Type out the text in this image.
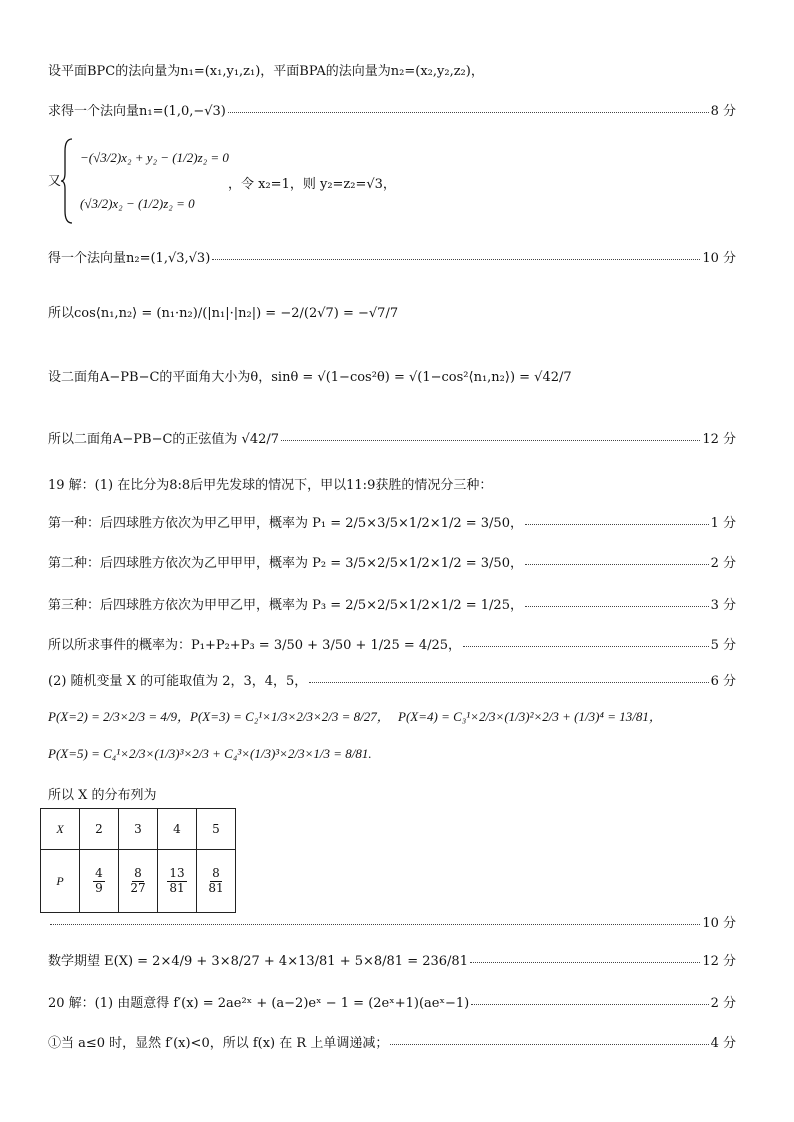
设平面BPC的法向量为n₁=(x₁,y₁,z₁)，平面BPA的法向量为n₂=(x₂,y₂,z₂)，
求得一个法向量n₁=(1,0,−√3)	8 分
又
−(√3/2)x₂ + y₂ − (1/2)z₂ = 0
(√3/2)x₂ − (1/2)z₂ = 0
，令 x₂=1，则 y₂=z₂=√3，
得一个法向量n₂=(1,√3,√3)	10 分
所以cos⟨n₁,n₂⟩ = (n₁·n₂)/(|n₁|·|n₂|) = −2/(2√7) = −√7/7
设二面角A−PB−C的平面角大小为θ，sinθ = √(1−cos²θ) = √(1−cos²⟨n₁,n₂⟩) = √42/7
所以二面角A−PB−C的正弦值为 √42/7	12 分
19 解：(1) 在比分为8:8后甲先发球的情况下，甲以11:9获胜的情况分三种：
第一种：后四球胜方依次为甲乙甲甲，概率为 P₁ = 2/5×3/5×1/2×1/2 = 3/50，	1 分
第二种：后四球胜方依次为乙甲甲甲，概率为 P₂ = 3/5×2/5×1/2×1/2 = 3/50，	2 分
第三种：后四球胜方依次为甲甲乙甲，概率为 P₃ = 2/5×2/5×1/2×1/2 = 1/25，	3 分
所以所求事件的概率为：P₁+P₂+P₃ = 3/50 + 3/50 + 1/25 = 4/25，	5 分
(2) 随机变量 X 的可能取值为 2，3，4，5，	6 分
P(X=2) = 2/3×2/3 = 4/9， P(X=3) = C₂¹×1/3×2/3×2/3 = 8/27， P(X=4) = C₃¹×2/3×(1/3)²×2/3 + (1/3)⁴ = 13/81，
P(X=5) = C₄¹×2/3×(1/3)³×2/3 + C₄³×(1/3)³×2/3×1/3 = 8/81.
所以 X 的分布列为
X	2	3	4	5
P	$\frac{4}{9}$	$\frac{8}{27}$	$\frac{13}{81}$	$\frac{8}{81}$
10 分
数学期望 E(X) = 2×4/9 + 3×8/27 + 4×13/81 + 5×8/81 = 236/81	12 分
20 解：(1) 由题意得 f′(x) = 2ae²ˣ + (a−2)eˣ − 1 = (2eˣ+1)(aeˣ−1)	2 分
①当 a≤0 时，显然 f′(x)<0，所以 f(x) 在 R 上单调递减；	4 分
